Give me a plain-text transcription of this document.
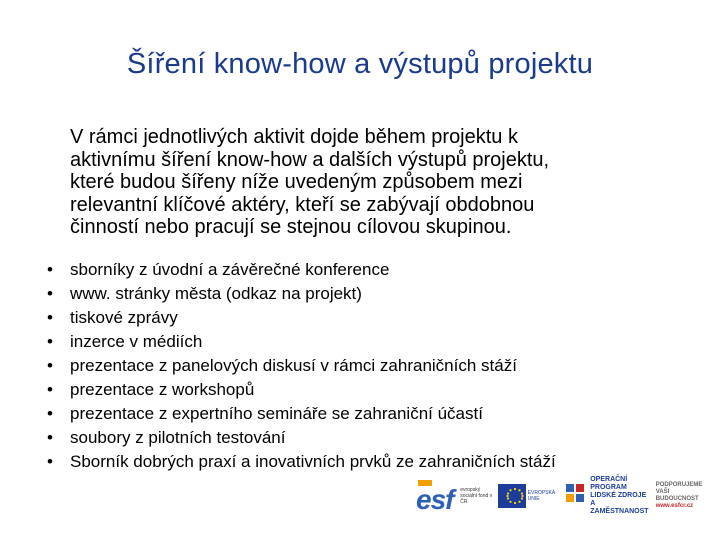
Šíření know-how a výstupů projektu
V rámci jednotlivých aktivit dojde během projektu k
aktivnímu šíření know-how a dalších výstupů projektu,
které budou šířeny níže uvedeným způsobem mezi
relevantní klíčové aktéry, kteří se zabývají obdobnou
činností nebo pracují se stejnou cílovou skupinou.
• sborníky z úvodní a závěrečné konference
• www. stránky města (odkaz na projekt)
• tiskové zprávy
• inzerce v médiích
• prezentace z panelových diskusí v rámci zahraničních stáží
• prezentace z workshopů
• prezentace z expertního semináře se zahraniční účastí
• soubory z pilotních testování
• Sborník dobrých praxí a inovativních prvků ze zahraničních stáží
esf evropský sociální fond v ČR
EVROPSKÁ UNIE
OPERAČNÍ PROGRAM LIDSKÉ ZDROJE A ZAMĚSTNANOST
PODPORUJEME VAŠI BUDOUCNOST
www.esfcr.cz
